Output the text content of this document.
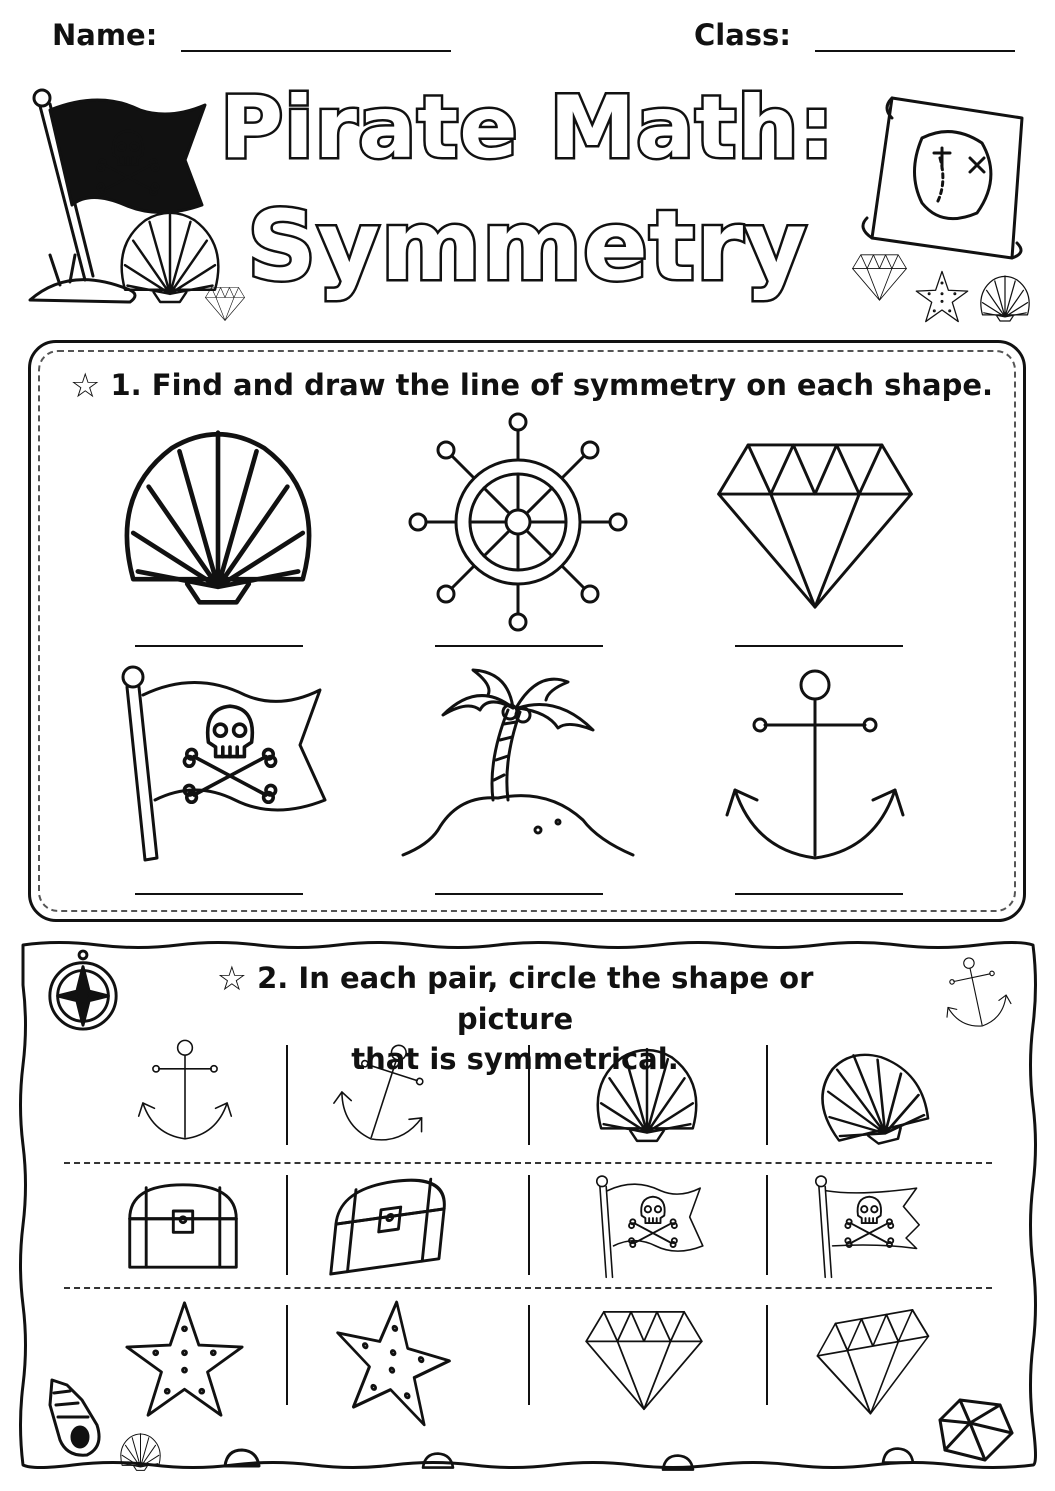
Name:	Class:
Pirate Math:
Symmetry
☆ 1. Find and draw the line of symmetry on each shape.
☆ 2. In each pair, circle the shape or picture
that is symmetrical.
